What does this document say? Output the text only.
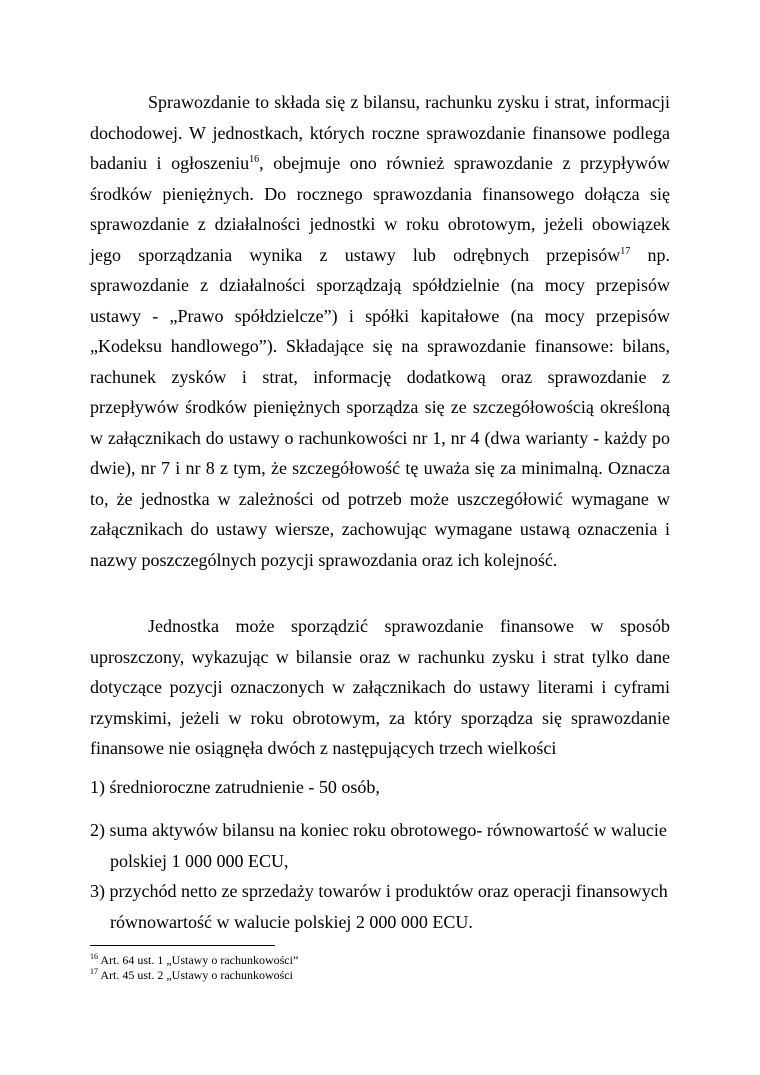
Sprawozdanie to składa się z bilansu, rachunku zysku i strat, informacji dochodowej. W jednostkach, których roczne sprawozdanie finansowe podlega badaniu i ogłoszeniu$^{16}$, obejmuje ono również sprawozdanie z przypływów środków pieniężnych. Do rocznego sprawozdania finansowego dołącza się sprawozdanie z działalności jednostki w roku obrotowym, jeżeli obowiązek jego sporządzania wynika z ustawy lub odrębnych przepisów$^{17}$ np. sprawozdanie z działalności sporządzają spółdzielnie (na mocy przepisów ustawy - „Prawo spółdzielcze”) i spółki kapitałowe (na mocy przepisów „Kodeksu handlowego”). Składające się na sprawozdanie finansowe: bilans, rachunek zysków i strat, informację dodatkową oraz sprawozdanie z przepływów środków pieniężnych sporządza się ze szczegółowością określoną w załącznikach do ustawy o rachunkowości nr 1, nr 4 (dwa warianty - każdy po dwie), nr 7 i nr 8 z tym, że szczegółowość tę uważa się za minimalną. Oznacza to, że jednostka w zależności od potrzeb może uszczegółowić wymagane w załącznikach do ustawy wiersze, zachowując wymagane ustawą oznaczenia i nazwy poszczególnych pozycji sprawozdania oraz ich kolejność.

Jednostka może sporządzić sprawozdanie finansowe w sposób uproszczony, wykazując w bilansie oraz w rachunku zysku i strat tylko dane dotyczące pozycji oznaczonych w załącznikach do ustawy literami i cyframi rzymskimi, jeżeli w roku obrotowym, za który sporządza się sprawozdanie finansowe nie osiągnęła dwóch z następujących trzech wielkości

1) średnioroczne zatrudnienie - 50 osób,
2) suma aktywów bilansu na koniec roku obrotowego- równowartość w walucie polskiej 1 000 000 ECU,
3) przychód netto ze sprzedaży towarów i produktów oraz operacji finansowych równowartość w walucie polskiej 2 000 000 ECU.

$^{16}$ Art. 64 ust. 1 „Ustawy o rachunkowości”

$^{17}$ Art. 45 ust. 2 „Ustawy o rachunkowości
